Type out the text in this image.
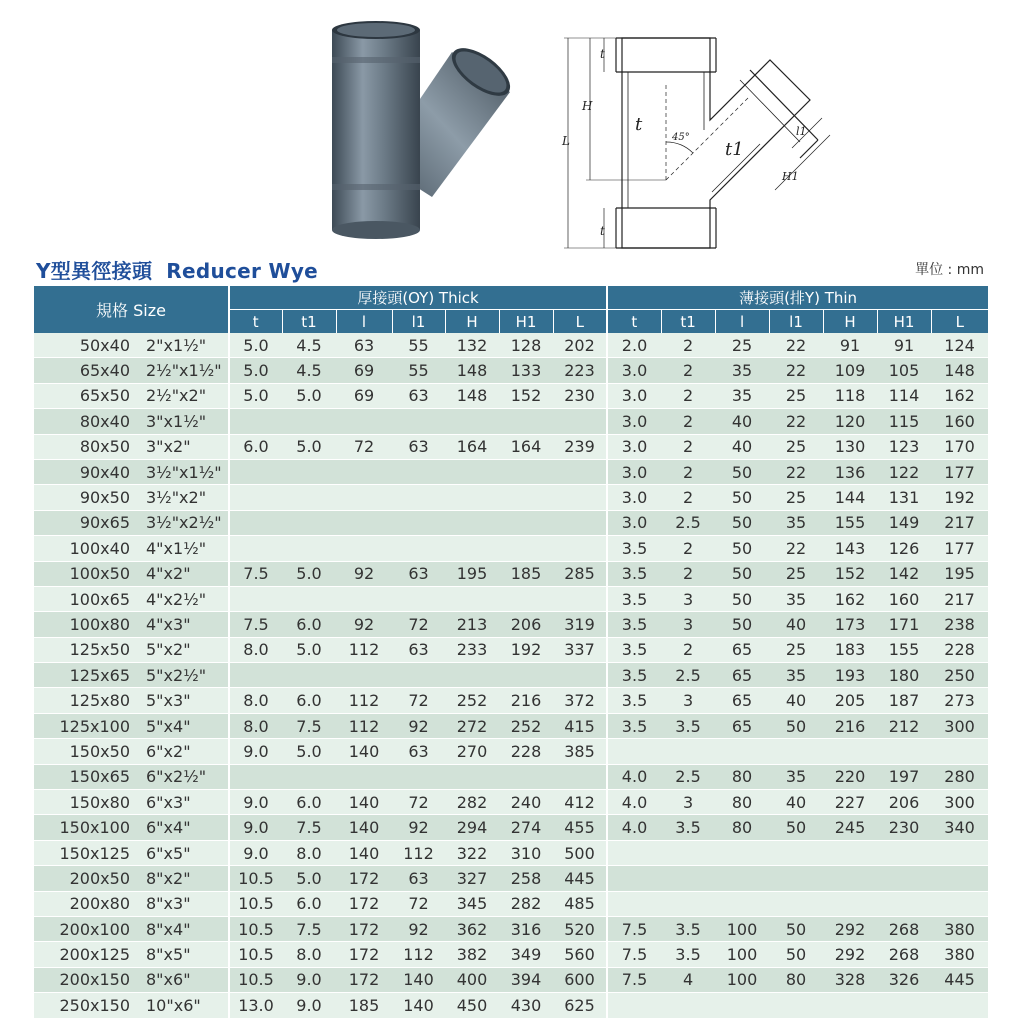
t
H
L
t
45°
t1
l1
H1
t
Y型異徑接頭 Reducer Wye	單位 : mm
規格 Size		厚接頭(OY) Thick							薄接頭(排Y) Thin						
		t	t1	l	l1	H	H1	L	t	t1	l	l1	H	H1	L
50x40	2"x1½"	5.0	4.5	63	55	132	128	202	2.0	2	25	22	91	91	124
65x40	2½"x1½"	5.0	4.5	69	55	148	133	223	3.0	2	35	22	109	105	148
65x50	2½"x2"	5.0	5.0	69	63	148	152	230	3.0	2	35	25	118	114	162
80x40	3"x1½"								3.0	2	40	22	120	115	160
80x50	3"x2"	6.0	5.0	72	63	164	164	239	3.0	2	40	25	130	123	170
90x40	3½"x1½"								3.0	2	50	22	136	122	177
90x50	3½"x2"								3.0	2	50	25	144	131	192
90x65	3½"x2½"								3.0	2.5	50	35	155	149	217
100x40	4"x1½"								3.5	2	50	22	143	126	177
100x50	4"x2"	7.5	5.0	92	63	195	185	285	3.5	2	50	25	152	142	195
100x65	4"x2½"								3.5	3	50	35	162	160	217
100x80	4"x3"	7.5	6.0	92	72	213	206	319	3.5	3	50	40	173	171	238
125x50	5"x2"	8.0	5.0	112	63	233	192	337	3.5	2	65	25	183	155	228
125x65	5"x2½"								3.5	2.5	65	35	193	180	250
125x80	5"x3"	8.0	6.0	112	72	252	216	372	3.5	3	65	40	205	187	273
125x100	5"x4"	8.0	7.5	112	92	272	252	415	3.5	3.5	65	50	216	212	300
150x50	6"x2"	9.0	5.0	140	63	270	228	385							
150x65	6"x2½"								4.0	2.5	80	35	220	197	280
150x80	6"x3"	9.0	6.0	140	72	282	240	412	4.0	3	80	40	227	206	300
150x100	6"x4"	9.0	7.5	140	92	294	274	455	4.0	3.5	80	50	245	230	340
150x125	6"x5"	9.0	8.0	140	112	322	310	500							
200x50	8"x2"	10.5	5.0	172	63	327	258	445							
200x80	8"x3"	10.5	6.0	172	72	345	282	485							
200x100	8"x4"	10.5	7.5	172	92	362	316	520	7.5	3.5	100	50	292	268	380
200x125	8"x5"	10.5	8.0	172	112	382	349	560	7.5	3.5	100	50	292	268	380
200x150	8"x6"	10.5	9.0	172	140	400	394	600	7.5	4	100	80	328	326	445
250x150	10"x6"	13.0	9.0	185	140	450	430	625							
